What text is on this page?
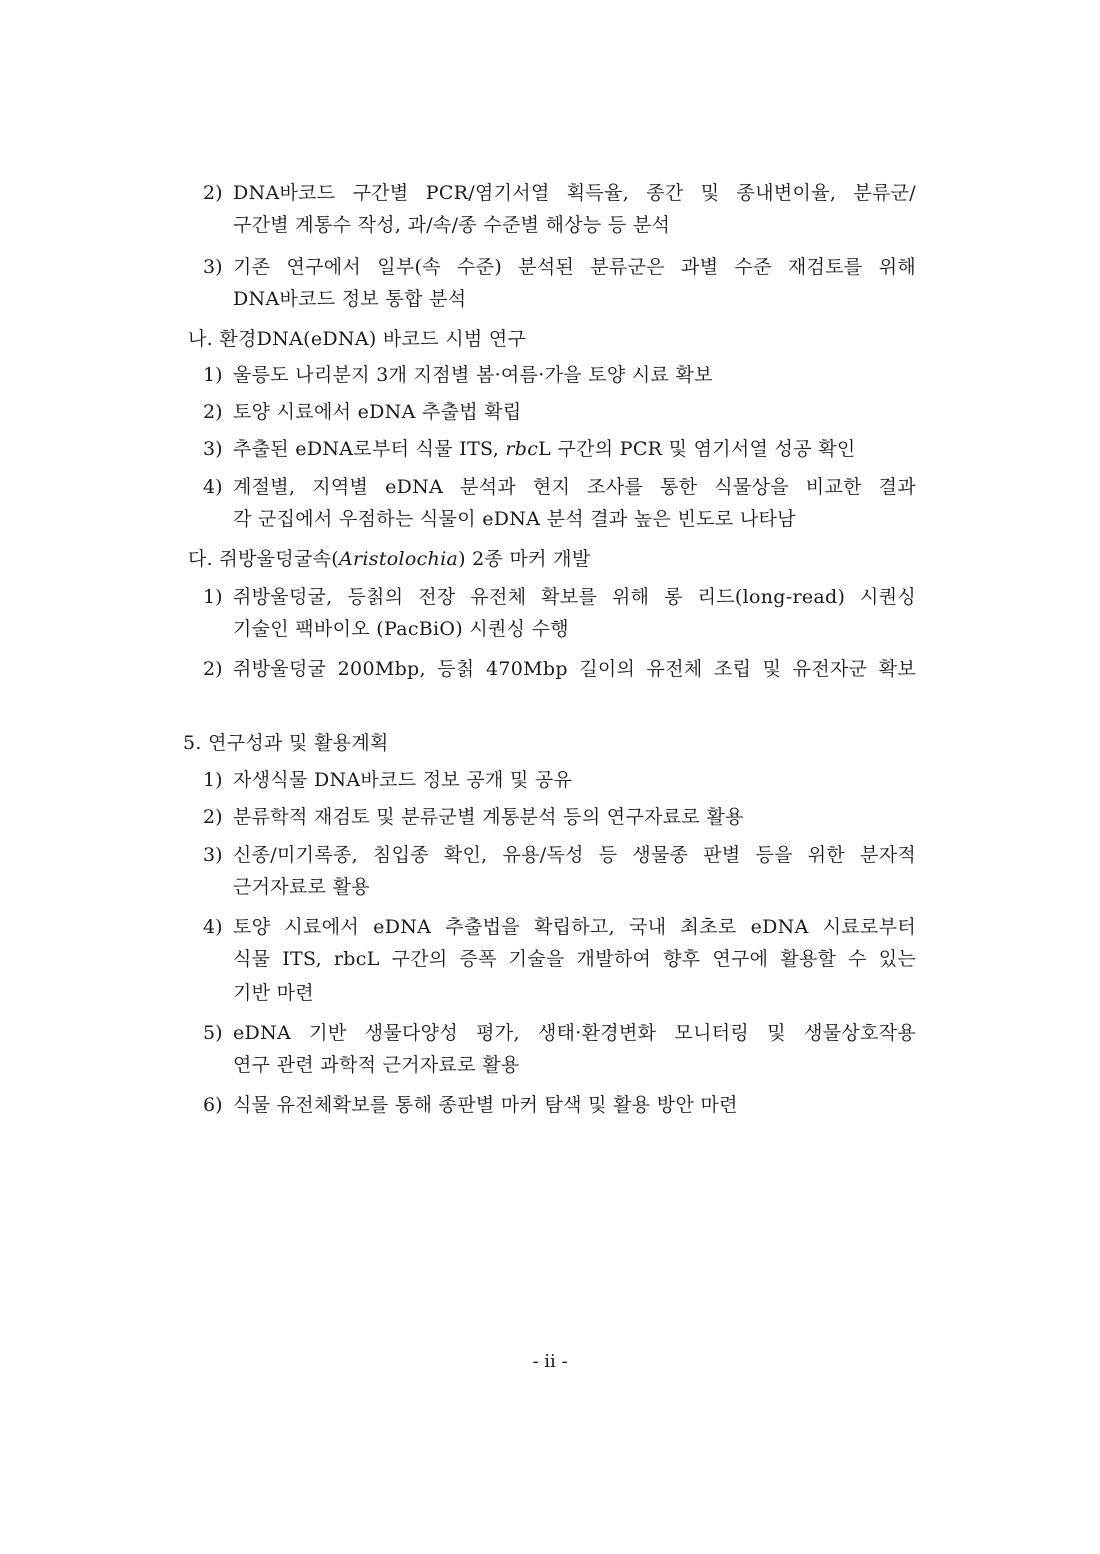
2) DNA바코드 구간별 PCR/염기서열 획득율, 종간 및 종내변이율, 분류군/
구간별 계통수 작성, 과/속/종 수준별 해상능 등 분석
3) 기존 연구에서 일부(속 수준) 분석된 분류군은 과별 수준 재검토를 위해
DNA바코드 정보 통합 분석
나. 환경DNA(eDNA) 바코드 시범 연구
1) 울릉도 나리분지 3개 지점별 봄·여름·가을 토양 시료 확보
2) 토양 시료에서 eDNA 추출법 확립
3) 추출된 eDNA로부터 식물 ITS, rbcL 구간의 PCR 및 염기서열 성공 확인
4) 계절별, 지역별 eDNA 분석과 현지 조사를 통한 식물상을 비교한 결과
각 군집에서 우점하는 식물이 eDNA 분석 결과 높은 빈도로 나타남
다. 쥐방울덩굴속(Aristolochia) 2종 마커 개발
1) 쥐방울덩굴, 등칡의 전장 유전체 확보를 위해 롱 리드(long-read) 시퀀싱
기술인 팩바이오 (PacBiO) 시퀀싱 수행
2) 쥐방울덩굴 200Mbp, 등칡 470Mbp 길이의 유전체 조립 및 유전자군 확보
5. 연구성과 및 활용계획
1) 자생식물 DNA바코드 정보 공개 및 공유
2) 분류학적 재검토 및 분류군별 계통분석 등의 연구자료로 활용
3) 신종/미기록종, 침입종 확인, 유용/독성 등 생물종 판별 등을 위한 분자적
근거자료로 활용
4) 토양 시료에서 eDNA 추출법을 확립하고, 국내 최초로 eDNA 시료로부터
식물 ITS, rbcL 구간의 증폭 기술을 개발하여 향후 연구에 활용할 수 있는
기반 마련
5) eDNA 기반 생물다양성 평가, 생태·환경변화 모니터링 및 생물상호작용
연구 관련 과학적 근거자료로 활용
6) 식물 유전체확보를 통해 종판별 마커 탐색 및 활용 방안 마련
- ii -
